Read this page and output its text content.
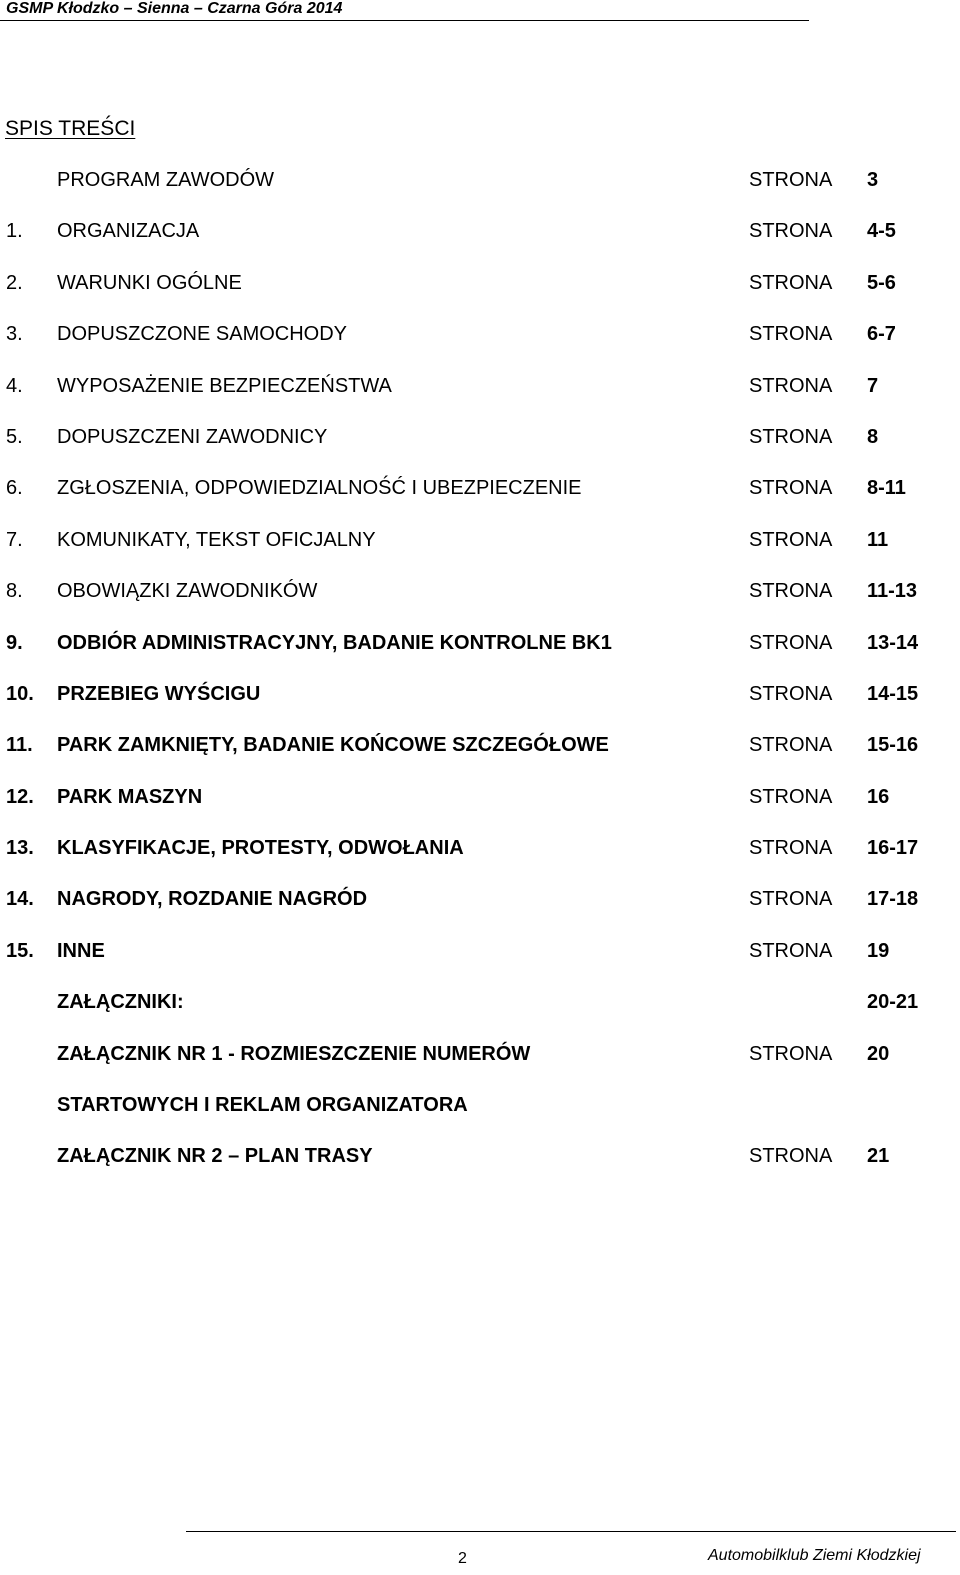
GSMP Kłodzko – Sienna – Czarna Góra 2014
SPIS TREŚCI
PROGRAM ZAWODÓW	STRONA 3
1. ORGANIZACJA	STRONA 4-5
2. WARUNKI OGÓLNE	STRONA 5-6
3. DOPUSZCZONE SAMOCHODY	STRONA 6-7
4. WYPOSAŻENIE BEZPIECZEŃSTWA	STRONA 7
5. DOPUSZCZENI ZAWODNICY	STRONA 8
6. ZGŁOSZENIA, ODPOWIEDZIALNOŚĆ I UBEZPIECZENIE	STRONA 8-11
7. KOMUNIKATY, TEKST OFICJALNY	STRONA 11
8. OBOWIĄZKI ZAWODNIKÓW	STRONA 11-13
9. ODBIÓR ADMINISTRACYJNY, BADANIE KONTROLNE BK1	STRONA 13-14
10. PRZEBIEG WYŚCIGU	STRONA 14-15
11. PARK ZAMKNIĘTY, BADANIE KOŃCOWE SZCZEGÓŁOWE	STRONA 15-16
12. PARK MASZYN	STRONA 16
13. KLASYFIKACJE, PROTESTY, ODWOŁANIA	STRONA 16-17
14. NAGRODY, ROZDANIE NAGRÓD	STRONA 17-18
15. INNE	STRONA 19
ZAŁĄCZNIKI:	20-21
ZAŁĄCZNIK NR 1 - ROZMIESZCZENIE NUMERÓW	STRONA 20
STARTOWYCH I REKLAM ORGANIZATORA
ZAŁĄCZNIK NR 2 – PLAN TRASY	STRONA 21
2	Automobilklub Ziemi Kłodzkiej
